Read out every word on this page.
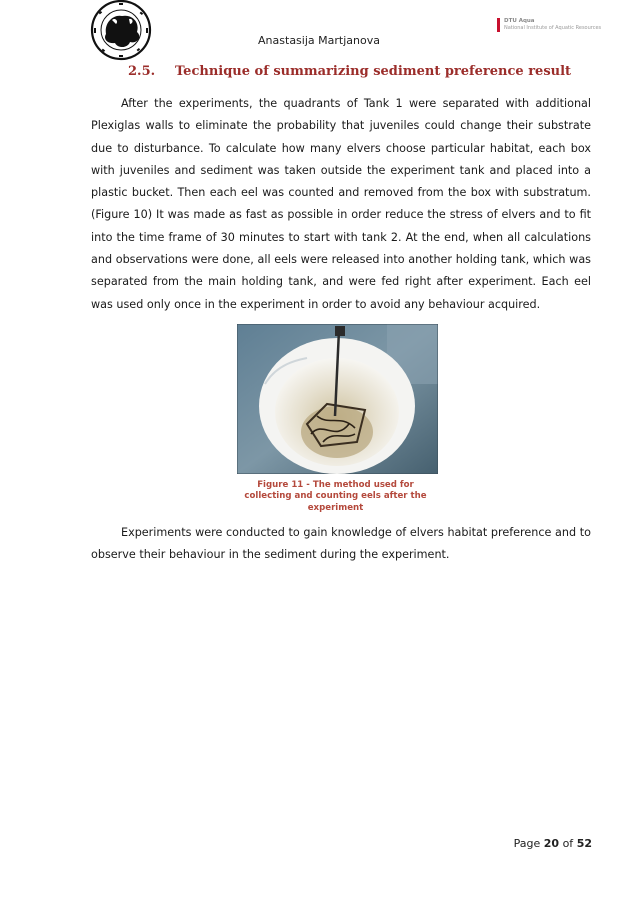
Anastasija Martjanova
DTU Aqua
National Institute of Aquatic Resources
2.5. Technique of summarizing sediment preference result
After the experiments, the quadrants of Tank 1 were separated with additional Plexiglas walls to eliminate the probability that juveniles could change their substrate due to disturbance. To calculate how many elvers choose particular habitat, each box with juveniles and sediment was taken outside the experiment tank and placed into a plastic bucket. Then each eel was counted and removed from the box with substratum. (Figure 10) It was made as fast as possible in order reduce the stress of elvers and to fit into the time frame of 30 minutes to start with tank 2. At the end, when all calculations and observations were done, all eels were released into another holding tank, which was separated from the main holding tank, and were fed right after experiment. Each eel was used only once in the experiment in order to avoid any behaviour acquired.
Figure 11 - The method used for collecting and counting eels after the experiment
Experiments were conducted to gain knowledge of elvers habitat preference and to observe their behaviour in the sediment during the experiment.
Page 20 of 52
